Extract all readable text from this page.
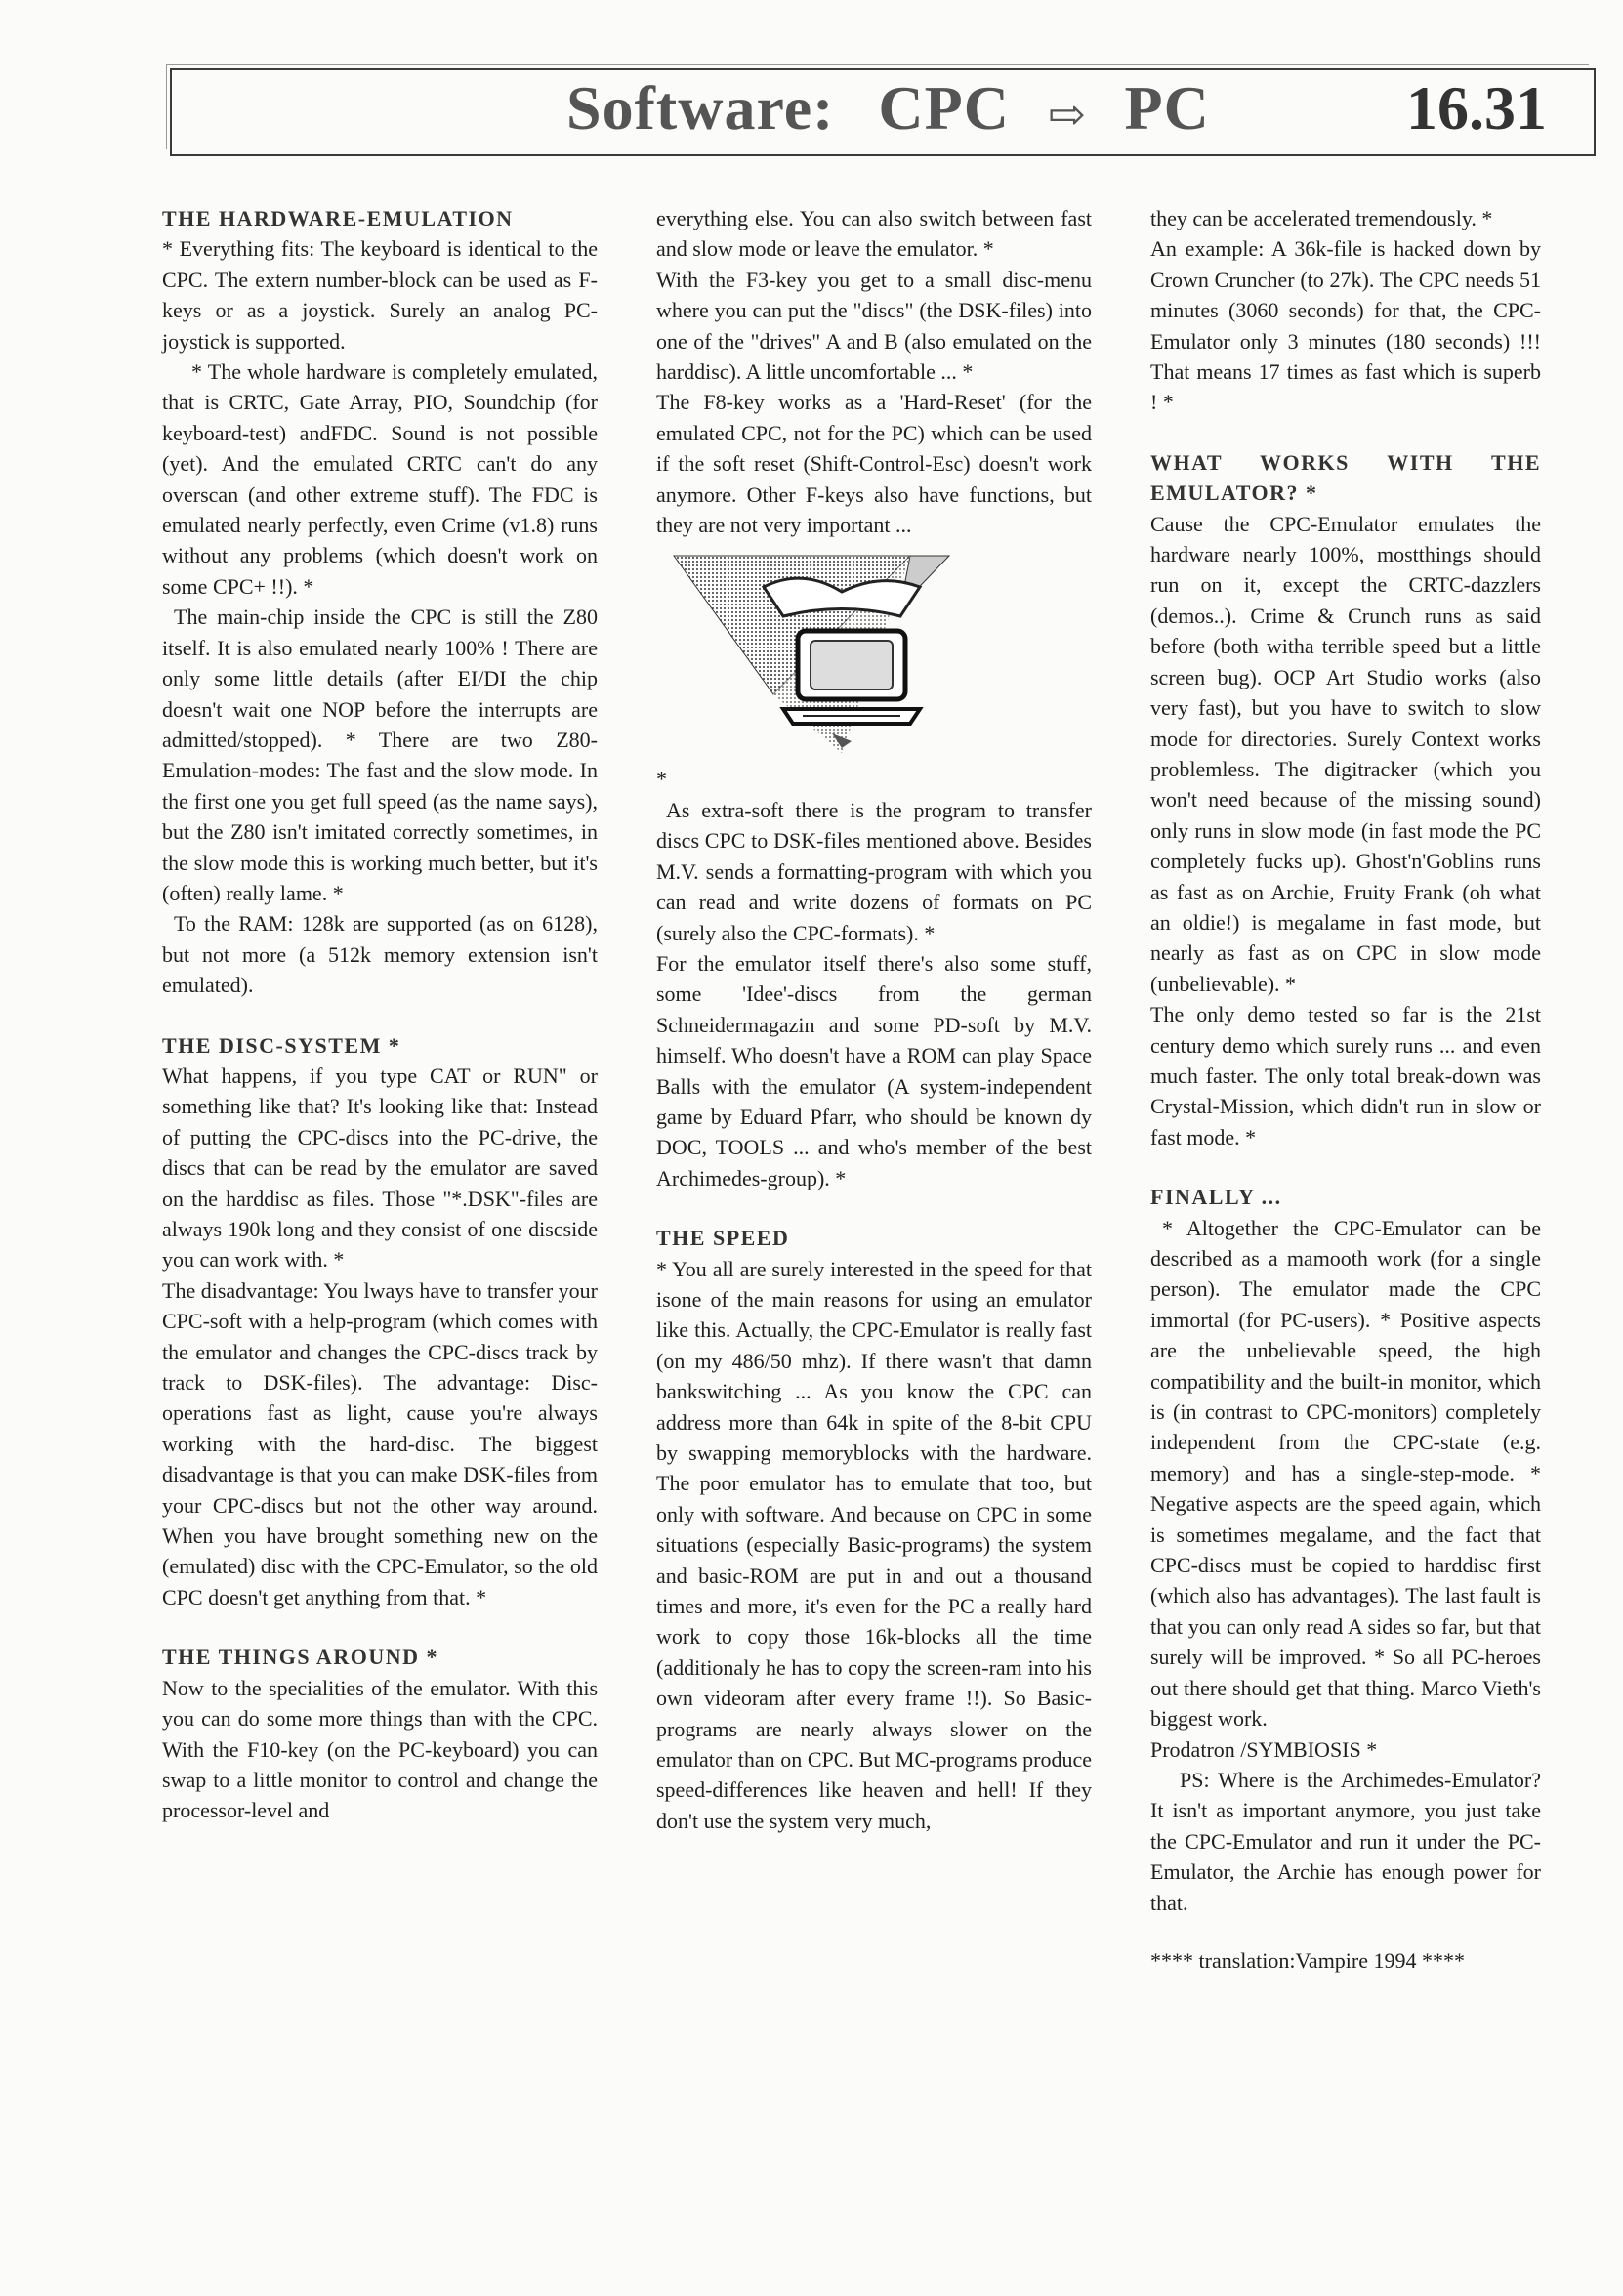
Software: CPC ⇨ PC	16.31

THE HARDWARE-EMULATION

* Everything fits: The keyboard is identical to the CPC. The extern number-block can be used as F-keys or as a joystick. Surely an analog PC-joystick is supported.

* The whole hardware is completely emulated, that is CRTC, Gate Array, PIO, Soundchip (for keyboard-test) andFDC. Sound is not possible (yet). And the emulated CRTC can't do any overscan (and other extreme stuff). The FDC is emulated nearly perfectly, even Crime (v1.8) runs without any problems (which doesn't work on some CPC+ !!). *

The main-chip inside the CPC is still the Z80 itself. It is also emulated nearly 100% ! There are only some little details (after EI/DI the chip doesn't wait one NOP before the interrupts are admitted/stopped). * There are two Z80-Emulation-modes: The fast and the slow mode. In the first one you get full speed (as the name says), but the Z80 isn't imitated correctly sometimes, in the slow mode this is working much better, but it's (often) really lame. *

To the RAM: 128k are supported (as on 6128), but not more (a 512k memory extension isn't emulated).

THE DISC-SYSTEM *

What happens, if you type CAT or RUN" or something like that? It's looking like that: Instead of putting the CPC-discs into the PC-drive, the discs that can be read by the emulator are saved on the harddisc as files. Those "*.DSK"-files are always 190k long and they consist of one discside you can work with. *

The disadvantage: You lways have to transfer your CPC-soft with a help-program (which comes with the emulator and changes the CPC-discs track by track to DSK-files). The advantage: Disc-operations fast as light, cause you're always working with the hard-disc. The biggest disadvantage is that you can make DSK-files from your CPC-discs but not the other way around. When you have brought something new on the (emulated) disc with the CPC-Emulator, so the old CPC doesn't get anything from that. *

THE THINGS AROUND *

Now to the specialities of the emulator. With this you can do some more things than with the CPC. With the F10-key (on the PC-keyboard) you can swap to a little monitor to control and change the processor-level and

everything else. You can also switch between fast and slow mode or leave the emulator. *

With the F3-key you get to a small disc-menu where you can put the "discs" (the DSK-files) into one of the "drives" A and B (also emulated on the harddisc). A little uncomfortable ... *

The F8-key works as a 'Hard-Reset' (for the emulated CPC, not for the PC) which can be used if the soft reset (Shift-Control-Esc) doesn't work anymore. Other F-keys also have functions, but they are not very important ...

*

As extra-soft there is the program to transfer discs CPC to DSK-files mentioned above. Besides M.V. sends a formatting-program with which you can read and write dozens of formats on PC (surely also the CPC-formats). *

For the emulator itself there's also some stuff, some 'Idee'-discs from the german Schneidermagazin and some PD-soft by M.V. himself. Who doesn't have a ROM can play Space Balls with the emulator (A system-independent game by Eduard Pfarr, who should be known dy DOC, TOOLS ... and who's member of the best Archimedes-group). *

THE SPEED

* You all are surely interested in the speed for that isone of the main reasons for using an emulator like this. Actually, the CPC-Emulator is really fast (on my 486/50 mhz). If there wasn't that damn bankswitching ... As you know the CPC can address more than 64k in spite of the 8-bit CPU by swapping memoryblocks with the hardware. The poor emulator has to emulate that too, but only with software. And because on CPC in some situations (especially Basic-programs) the system and basic-ROM are put in and out a thousand times and more, it's even for the PC a really hard work to copy those 16k-blocks all the time (additionaly he has to copy the screen-ram into his own videoram after every frame !!). So Basic-programs are nearly always slower on the emulator than on CPC. But MC-programs produce speed-differences like heaven and hell! If they don't use the system very much,

they can be accelerated tremendously. *

An example: A 36k-file is hacked down by Crown Cruncher (to 27k). The CPC needs 51 minutes (3060 seconds) for that, the CPC-Emulator only 3 minutes (180 seconds) !!! That means 17 times as fast which is superb ! *

WHAT WORKS WITH THE EMULATOR? *

Cause the CPC-Emulator emulates the hardware nearly 100%, mostthings should run on it, except the CRTC-dazzlers (demos..). Crime & Crunch runs as said before (both witha terrible speed but a little screen bug). OCP Art Studio works (also very fast), but you have to switch to slow mode for directories. Surely Context works problemless. The digitracker (which you won't need because of the missing sound) only runs in slow mode (in fast mode the PC completely fucks up). Ghost'n'Goblins runs as fast as on Archie, Fruity Frank (oh what an oldie!) is megalame in fast mode, but nearly as fast as on CPC in slow mode (unbelievable). *

The only demo tested so far is the 21st century demo which surely runs ... and even much faster. The only total break-down was Crystal-Mission, which didn't run in slow or fast mode. *

FINALLY ...

* Altogether the CPC-Emulator can be described as a mamooth work (for a single person). The emulator made the CPC immortal (for PC-users). * Positive aspects are the unbelievable speed, the high compatibility and the built-in monitor, which is (in contrast to CPC-monitors) completely independent from the CPC-state (e.g. memory) and has a single-step-mode. * Negative aspects are the speed again, which is sometimes megalame, and the fact that CPC-discs must be copied to harddisc first (which also has advantages). The last fault is that you can only read A sides so far, but that surely will be improved. * So all PC-heroes out there should get that thing. Marco Vieth's biggest work.

Prodatron /SYMBIOSIS *

PS: Where is the Archimedes-Emulator? It isn't as important anymore, you just take the CPC-Emulator and run it under the PC-Emulator, the Archie has enough power for that.

**** translation:Vampire 1994 ****
